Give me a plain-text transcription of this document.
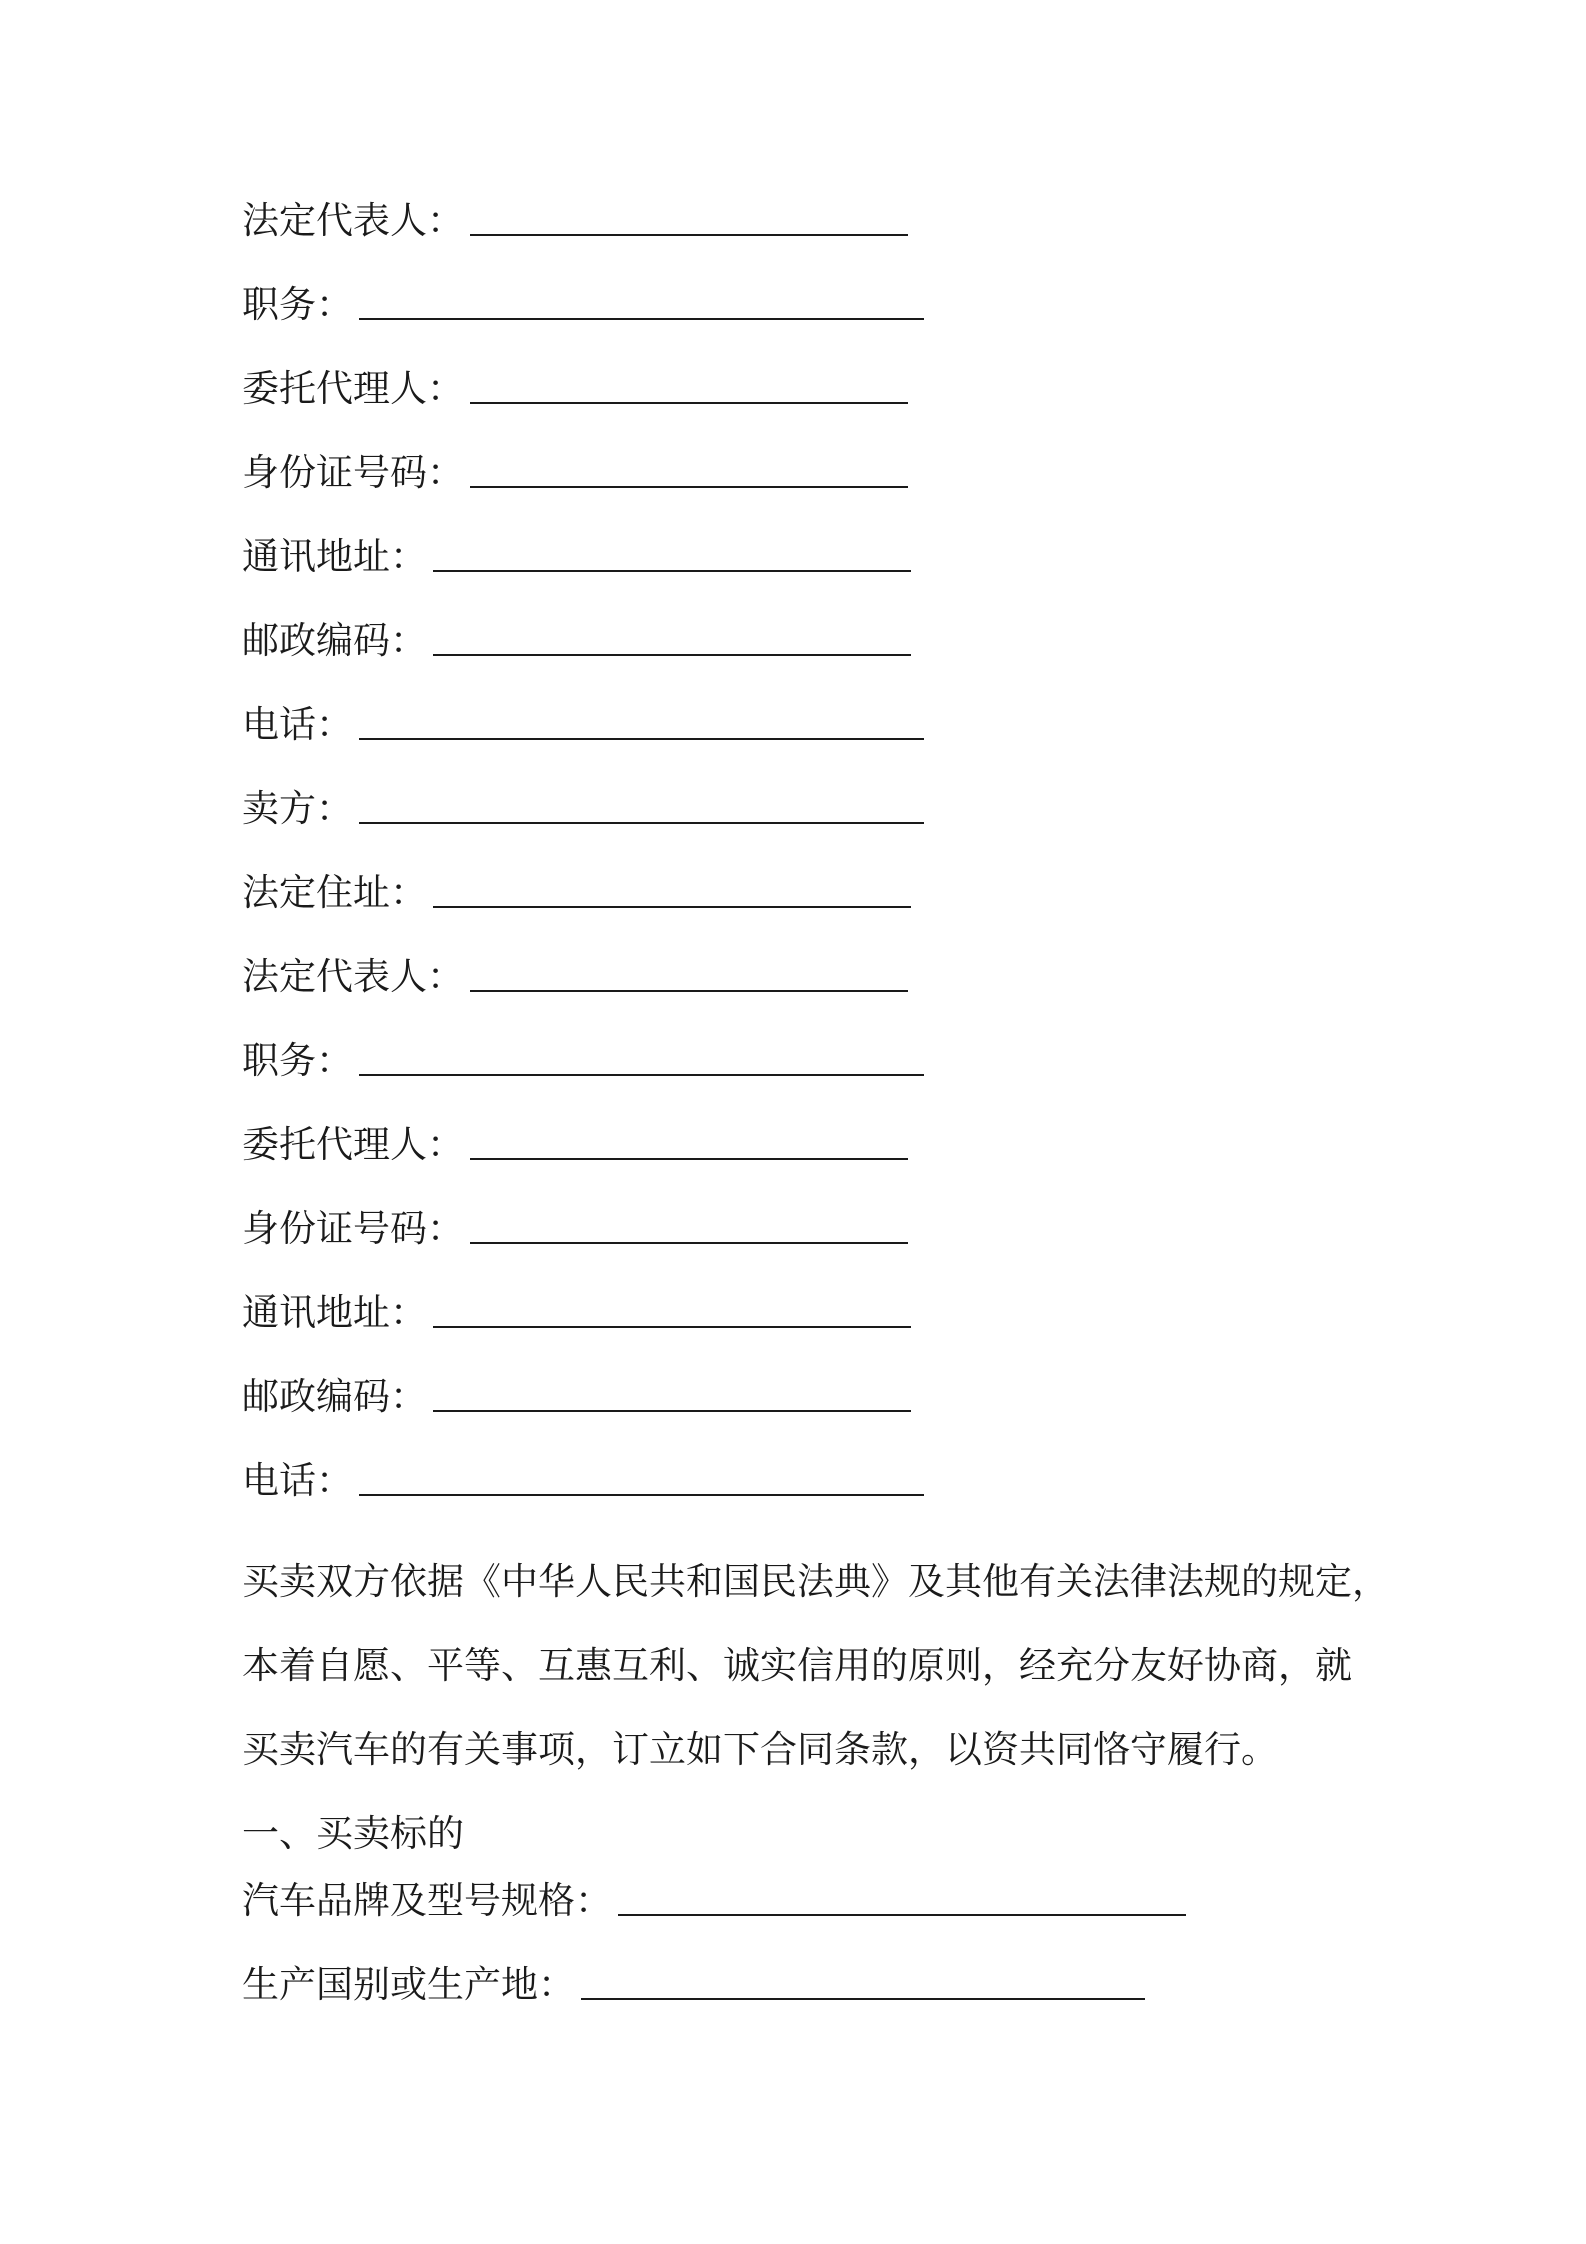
法定代表人：
职务：
委托代理人：
身份证号码：
通讯地址：
邮政编码：
电话：
卖方：
法定住址：
法定代表人：
职务：
委托代理人：
身份证号码：
通讯地址：
邮政编码：
电话：
买卖双方依据《中华人民共和国民法典》及其他有关法律法规的规定，
本着自愿、平等、互惠互利、诚实信用的原则，经充分友好协商，就
买卖汽车的有关事项，订立如下合同条款，以资共同恪守履行。
一、买卖标的
汽车品牌及型号规格：
生产国别或生产地：
